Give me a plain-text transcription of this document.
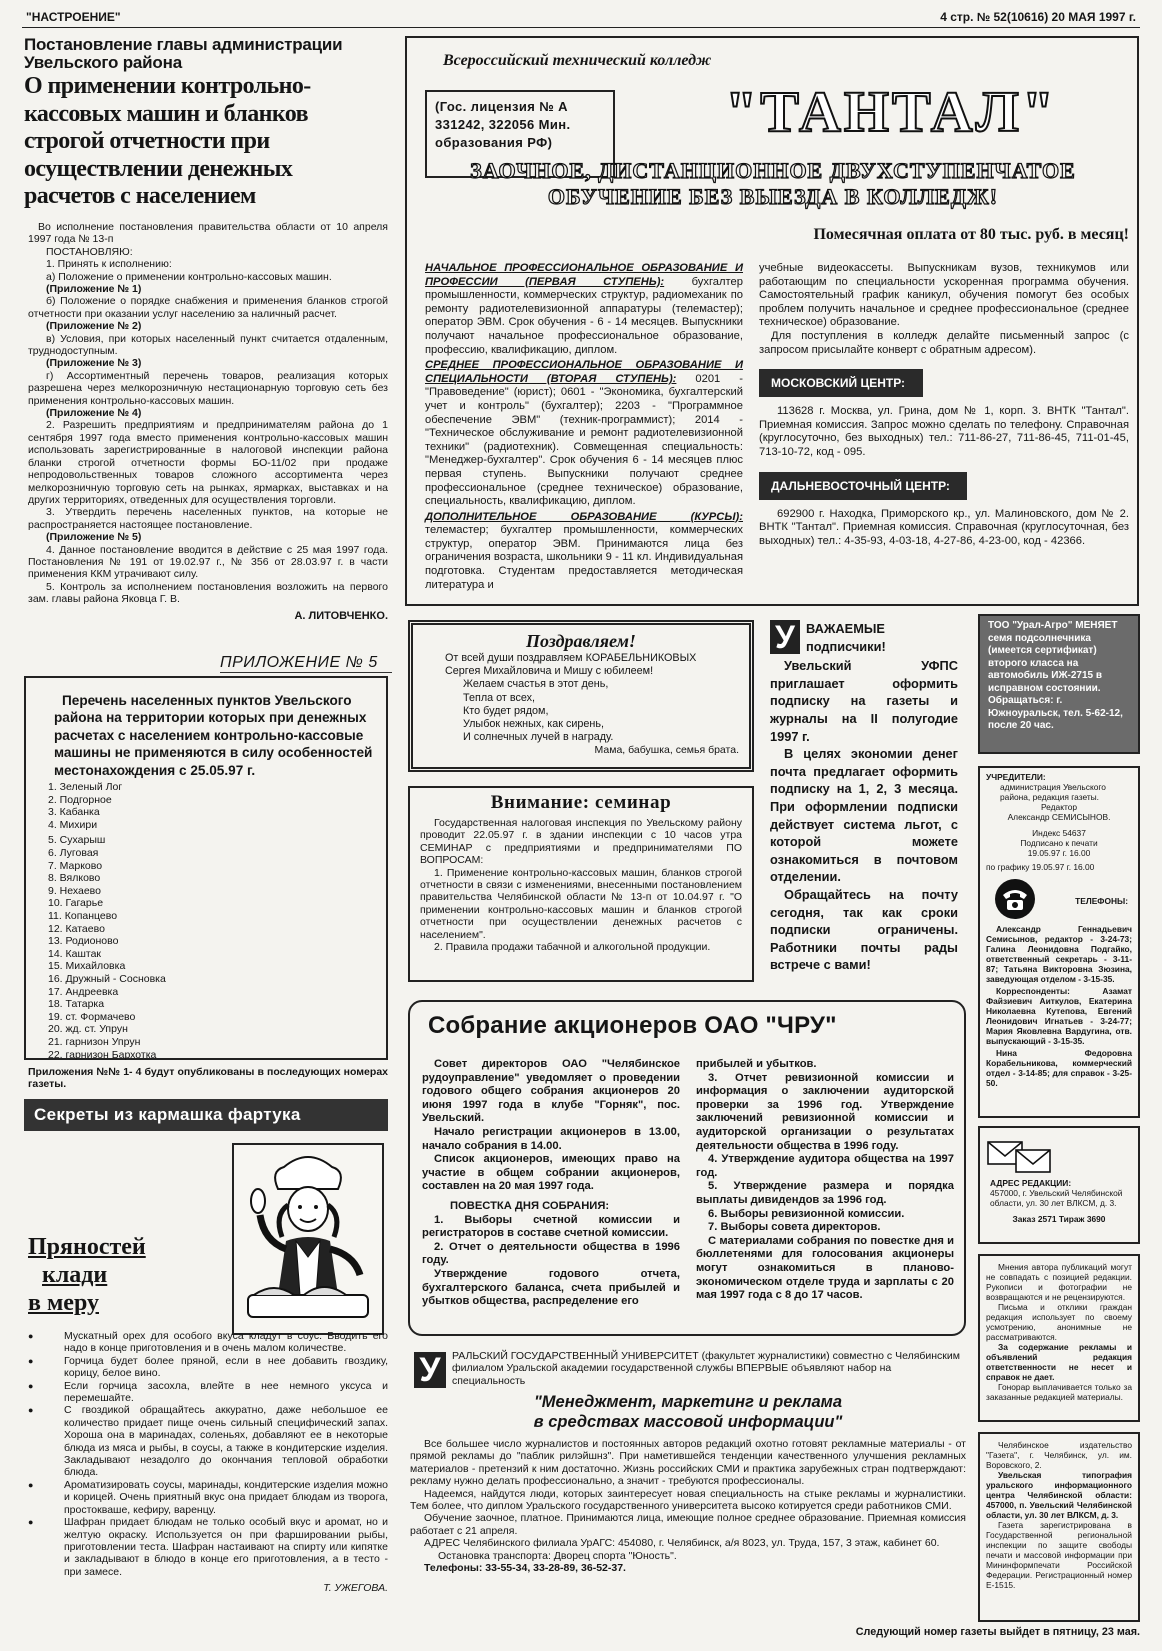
"НАСТРОЕНИЕ"	4 стр. № 52(10616) 20 МАЯ 1997 г.
Постановление главы администрации Увельского района
О применении контрольно-кассовых машин и бланков строгой отчетности при осуществлении денежных расчетов с населением

Во исполнение постановления правительства области от 10 апреля 1997 года № 13-п

ПОСТАНОВЛЯЮ:

1. Принять к исполнению:

а) Положение о применении контрольно-кассовых машин.

(Приложение № 1)

б) Положение о порядке снабжения и применения бланков строгой отчетности при оказании услуг населению за наличный расчет.

(Приложение № 2)

в) Условия, при которых населенный пункт считается отдаленным, труднодоступным.

(Приложение № 3)

г) Ассортиментный перечень товаров, реализация которых разрешена через мелкорозничную нестационарную торговую сеть без применения контрольно-кассовых машин.

(Приложение № 4)

2. Разрешить предприятиям и предпринимателям района до 1 сентября 1997 года вместо применения контрольно-кассовых машин использовать зарегистрированные в налоговой инспекции района бланки строгой отчетности формы БО-11/02 при продаже непродовольственных товаров сложного ассортимента через мелкорозничную торговую сеть на рынках, ярмарках, выставках и на других территориях, отведенных для осуществления торговли.

3. Утвердить перечень населенных пунктов, на которые не распространяется настоящее постановление.

(Приложение № 5)

4. Данное постановление вводится в действие с 25 мая 1997 года. Постановления № 191 от 19.02.97 г., № 356 от 28.03.97 г. в части применения ККМ утрачивают силу.

5. Контроль за исполнением постановления возложить на первого зам. главы района Яковца Г. В.

А. ЛИТОВЧЕНКО.
ПРИЛОЖЕНИЕ № 5
Перечень населенных пунктов Увельского района на территории которых при денежных расчетах с населением контрольно-кассовые машины не применяются в силу особенностей местонахождения с 25.05.97 г.
1. Зеленый Лог
2. Подгорное
3. Кабанка
4. Михири
5. Сухарыш
6. Луговая
7. Марково
8. Вялково
9. Нехаево
10. Гагарье
11. Копанцево
12. Катаево
13. Родионово
14. Каштак
15. Михайловка
16. Дружный - Сосновка
17. Андреевка
18. Татарка
19. ст. Формачево
20. жд. ст. Упрун
21. гарнизон Упрун
22. гарнизон Бархотка
Приложения №№ 1- 4 будут опубликованы в последующих номерах газеты.
Секреты из кармашка фартука
Пряностей
клади
в меру
● Мускатный орех для особого вкуса кладут в соус. Вводить его надо в конце приготовления и в очень малом количестве.
● Горчица будет более пряной, если в нее добавить гвоздику, корицу, белое вино.
● Если горчица засохла, влейте в нее немного уксуса и перемешайте.
● С гвоздикой обращайтесь аккуратно, даже небольшое ее количество придает пище очень сильный специфический запах. Хороша она в маринадах, соленьях, добавляют ее в некоторые блюда из мяса и рыбы, в соусы, а также в кондитерские изделия. Закладывают незадолго до окончания тепловой обработки блюда.
● Ароматизировать соусы, маринады, кондитерские изделия можно и корицей. Очень приятный вкус она придает блюдам из творога, простокваше, кефиру, варенцу.
● Шафран придает блюдам не только особый вкус и аромат, но и желтую окраску. Используется он при фаршировании рыбы, приготовлении теста. Шафран настаивают на спирту или кипятке и закладывают в блюдо в конце его приготовления, а в тесто - при замесе.
Т. УЖЕГОВА.
Всероссийский технический колледж
(Гос. лицензия № А 331242, 322056 Мин. образования РФ)	"ТАНТАЛ"
ЗАОЧНОЕ, ДИСТАНЦИОННОЕ ДВУХСТУПЕНЧАТОЕ
ОБУЧЕНИЕ БЕЗ ВЫЕЗДА В КОЛЛЕДЖ!
Помесячная оплата от 80 тыс. руб. в месяц!

НАЧАЛЬНОЕ ПРОФЕССИОНАЛЬНОЕ ОБРАЗОВАНИЕ И ПРОФЕССИИ (ПЕРВАЯ СТУПЕНЬ): бухгалтер промышленности, коммерческих структур, радиомеханик по ремонту радиотелевизионной аппаратуры (телемастер); оператор ЭВМ. Срок обучения - 6 - 14 месяцев. Выпускники получают начальное профессиональное образование, профессию, квалификацию, диплом.

СРЕДНЕЕ ПРОФЕССИОНАЛЬНОЕ ОБРАЗОВАНИЕ И СПЕЦИАЛЬНОСТИ (ВТОРАЯ СТУПЕНЬ): 0201 - "Правоведение" (юрист); 0601 - "Экономика, бухгалтерский учет и контроль" (бухгалтер); 2203 - "Программное обеспечение ЭВМ" (техник-программист); 2014 - "Техническое обслуживание и ремонт радиотелевизионной техники" (радиотехник). Совмещенная специальность: "Менеджер-бухгалтер". Срок обучения 6 - 14 месяцев плюс первая ступень. Выпускники получают среднее профессиональное (среднее техническое) образование, специальность, квалификацию, диплом.

ДОПОЛНИТЕЛЬНОЕ ОБРАЗОВАНИЕ (КУРСЫ): телемастер; бухгалтер промышленности, коммерческих структур, оператор ЭВМ. Принимаются лица без ограничения возраста, школьники 9 - 11 кл. Индивидуальная подготовка. Студентам предоставляется методическая литература и

учебные видеокассеты. Выпускникам вузов, техникумов или работающим по специальности ускоренная программа обучения. Самостоятельный график каникул, обучения помогут без особых проблем получить начальное и среднее профессиональное (среднее техническое) образование.

Для поступления в колледж делайте письменный запрос (с запросом присылайте конверт с обратным адресом).

МОСКОВСКИЙ ЦЕНТР:

113628 г. Москва, ул. Грина, дом № 1, корп. 3. ВНТК "Тантал". Приемная комиссия. Запрос можно сделать по телефону. Справочная (круглосуточно, без выходных) тел.: 711-86-27, 711-86-45, 711-01-45, 713-10-72, код - 095.

ДАЛЬНЕВОСТОЧНЫЙ ЦЕНТР:

692900 г. Находка, Приморского кр., ул. Малиновского, дом № 2. ВНТК "Тантал". Приемная комиссия. Справочная (круглосуточная, без выходных) тел.: 4-35-93, 4-03-18, 4-27-86, 4-23-00, код - 42366.

Поздравляем!

От всей души поздравляем КОРАБЕЛЬНИКОВЫХ

Сергея Михайловича и Мишу с юбилеем!

Желаем счастья в этот день,

Тепла от всех,

Кто будет рядом,

Улыбок нежных, как сирень,

И солнечных лучей в награду.

Мама, бабушка, семья брата.
Внимание: семинар

Государственная налоговая инспекция по Увельскому району проводит 22.05.97 г. в здании инспекции с 10 часов утра СЕМИНАР с предприятиями и предпринимателями ПО ВОПРОСАМ:

1. Применение контрольно-кассовых машин, бланков строгой отчетности в связи с изменениями, внесенными постановлением правительства Челябинской области № 13-п от 10.04.97 г. "О применении контрольно-кассовых машин и бланков строгой отчетности при осуществлении денежных расчетов с населением".

2. Правила продажи табачной и алкогольной продукции.

У ВАЖАЕМЫЕ подписчики!

Увельский УФПС приглашает оформить подписку на газеты и журналы на II полугодие 1997 г.

В целях экономии денег почта предлагает оформить подписку на 1, 2, 3 месяца. При оформлении подписки действует система льгот, с которой можете ознакомиться в почтовом отделении.

Обращайтесь на почту сегодня, так как сроки подписки ограничены. Работники почты рады встрече с вами!

ТОО "Урал-Агро" МЕНЯЕТ семя подсолнечника (имеется сертификат) второго класса на автомобиль ИЖ-2715 в исправном состоянии. Обращаться: г. Южноуральск, тел. 5-62-12, после 20 час.

УЧРЕДИТЕЛИ:

администрация Увельского района, редакция газеты.

Редактор

Александр СЕМИСЫНОВ.

Индекс 54637

Подписано к печати

19.05.97 г. 16.00

по графику 19.05.97 г. 16.00

ТЕЛЕФОНЫ:

Александр Геннадьевич Семисынов, редактор - 3-24-73; Галина Леонидовна Подгайко, ответственный секретарь - 3-11-87; Татьяна Викторовна Зюзина, заведующая отделом - 3-15-35.

Корреспонденты: Азамат Файзиевич Аиткулов, Екатерина Николаевна Кутепова, Евгений Леонидович Игнатьев - 3-24-77; Мария Яковлевна Вардугина, отв. выпускающий - 3-15-35.

Нина Федоровна Корабельникова, коммерческий отдел - 3-14-85; для справок - 3-25-50.

АДРЕС РЕДАКЦИИ:

457000, г. Увельский Челябинской области, ул. 30 лет ВЛКСМ, д. 3.

Заказ 2571 Тираж 3690

Мнения автора публикаций могут не совпадать с позицией редакции. Рукописи и фотографии не возвращаются и не рецензируются.

Письма и отклики граждан редакция использует по своему усмотрению, анонимные не рассматриваются.

За содержание рекламы и объявлений редакция ответственности не несет и справок не дает.

Гонорар выплачивается только за заказанные редакцией материалы.

Челябинское издательство "Газета", г. Челябинск, ул. им. Воровского, 2.

Увельская типография уральского информационного центра Челябинской области: 457000, п. Увельский Челябинской области, ул. 30 лет ВЛКСМ, д. 3.

Газета зарегистрирована в Государственной региональной инспекции по защите свободы печати и массовой информации при Мининформпечати Российской Федерации. Регистрационный номер Е-1515.

Следующий номер газеты выйдет в пятницу, 23 мая.
Собрание акционеров ОАО "ЧРУ"

Совет директоров ОАО "Челябинское рудоуправление" уведомляет о проведении годового общего собрания акционеров 20 июня 1997 года в клубе "Горняк", пос. Увельский.

Начало регистрации акционеров в 13.00, начало собрания в 14.00.

Список акционеров, имеющих право на участие в общем собрании акционеров, составлен на 20 мая 1997 года.

ПОВЕСТКА ДНЯ СОБРАНИЯ:

1. Выборы счетной комиссии и регистраторов в составе счетной комиссии.

2. Отчет о деятельности общества в 1996 году.

Утверждение годового отчета, бухгалтерского баланса, счета прибылей и убытков общества, распределение его

прибылей и убытков.

3. Отчет ревизионной комиссии и информация о заключении аудиторской проверки за 1996 год. Утверждение заключений ревизионной комиссии и аудиторской организации о результатах деятельности общества в 1996 году.

4. Утверждение аудитора общества на 1997 год.

5. Утверждение размера и порядка выплаты дивидендов за 1996 год.

6. Выборы ревизионной комиссии.

7. Выборы совета директоров.

С материалами собрания по повестке дня и бюллетенями для голосования акционеры могут ознакомиться в планово-экономическом отделе труда и зарплаты с 20 мая 1997 года с 8 до 17 часов.

У	РАЛЬСКИЙ ГОСУДАРСТВЕННЫЙ УНИВЕРСИТЕТ (факультет журналистики) совместно с Челябинским филиалом Уральской академии государственной службы ВПЕРВЫЕ объявляют набор на специальность
"Менеджмент, маркетинг и реклама
в средствах массовой информации"

Все большее число журналистов и постоянных авторов редакций охотно готовят рекламные материалы - от прямой рекламы до "паблик рилэйшнз". При наметившейся тенденции качественного улучшения рекламных материалов - претензий к ним достаточно. Жизнь российских СМИ и практика зарубежных стран подтверждают: рекламу нужно делать профессионально, а значит - требуются профессионалы.

Надеемся, найдутся люди, которых заинтересует новая специальность на стыке рекламы и журналистики. Тем более, что диплом Уральского государственного университета высоко котируется среди работников СМИ.

Обучение заочное, платное. Принимаются лица, имеющие полное среднее образование. Приемная комиссия работает с 21 апреля.

АДРЕС Челябинского филиала УрАГС: 454080, г. Челябинск, а/я 8023, ул. Труда, 157, 3 этаж, кабинет 60.

Остановка транспорта: Дворец спорта "Юность".

Телефоны: 33-55-34, 33-28-89, 36-52-37.
